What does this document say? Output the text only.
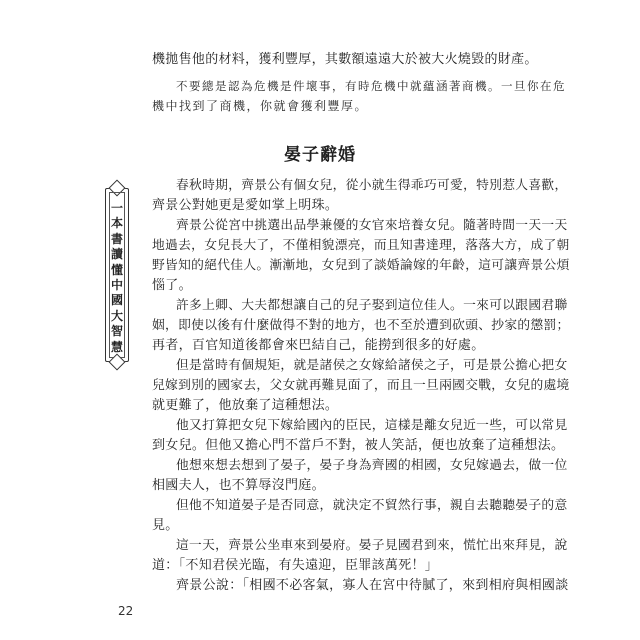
機拋售他的材料，獲利豐厚，其數額遠遠大於被大火燒毀的財產。
不要總是認為危機是件壞事，有時危機中就蘊涵著商機。一旦你在危
機中找到了商機，你就會獲利豐厚。
晏子辭婚
一
本
書
讀
懂
中
國
大
智
慧
春秋時期，齊景公有個女兒，從小就生得乖巧可愛，特別惹人喜歡，
齊景公對她更是愛如掌上明珠。
齊景公從宮中挑選出品學兼優的女官來培養女兒。隨著時間一天一天
地過去，女兒長大了，不僅相貌漂亮，而且知書達理，落落大方，成了朝
野皆知的絕代佳人。漸漸地，女兒到了談婚論嫁的年齡，這可讓齊景公煩
惱了。
許多上卿、大夫都想讓自己的兒子娶到這位佳人。一來可以跟國君聯
姻，即使以後有什麼做得不對的地方，也不至於遭到砍頭、抄家的懲罰；
再者，百官知道後都會來巴結自己，能撈到很多的好處。
但是當時有個規矩，就是諸侯之女嫁給諸侯之子，可是景公擔心把女
兒嫁到別的國家去，父女就再難見面了，而且一旦兩國交戰，女兒的處境
就更難了，他放棄了這種想法。
他又打算把女兒下嫁給國內的臣民，這樣是離女兒近一些，可以常見
到女兒。但他又擔心門不當戶不對，被人笑話，便也放棄了這種想法。
他想來想去想到了晏子，晏子身為齊國的相國，女兒嫁過去，做一位
相國夫人，也不算辱沒門庭。
但他不知道晏子是否同意，就決定不貿然行事，親自去聽聽晏子的意
見。
這一天，齊景公坐車來到晏府。晏子見國君到來，慌忙出來拜見，說
道：「不知君侯光臨，有失遠迎，臣罪該萬死！」
齊景公說：「相國不必客氣，寡人在宮中待膩了，來到相府與相國談
22
